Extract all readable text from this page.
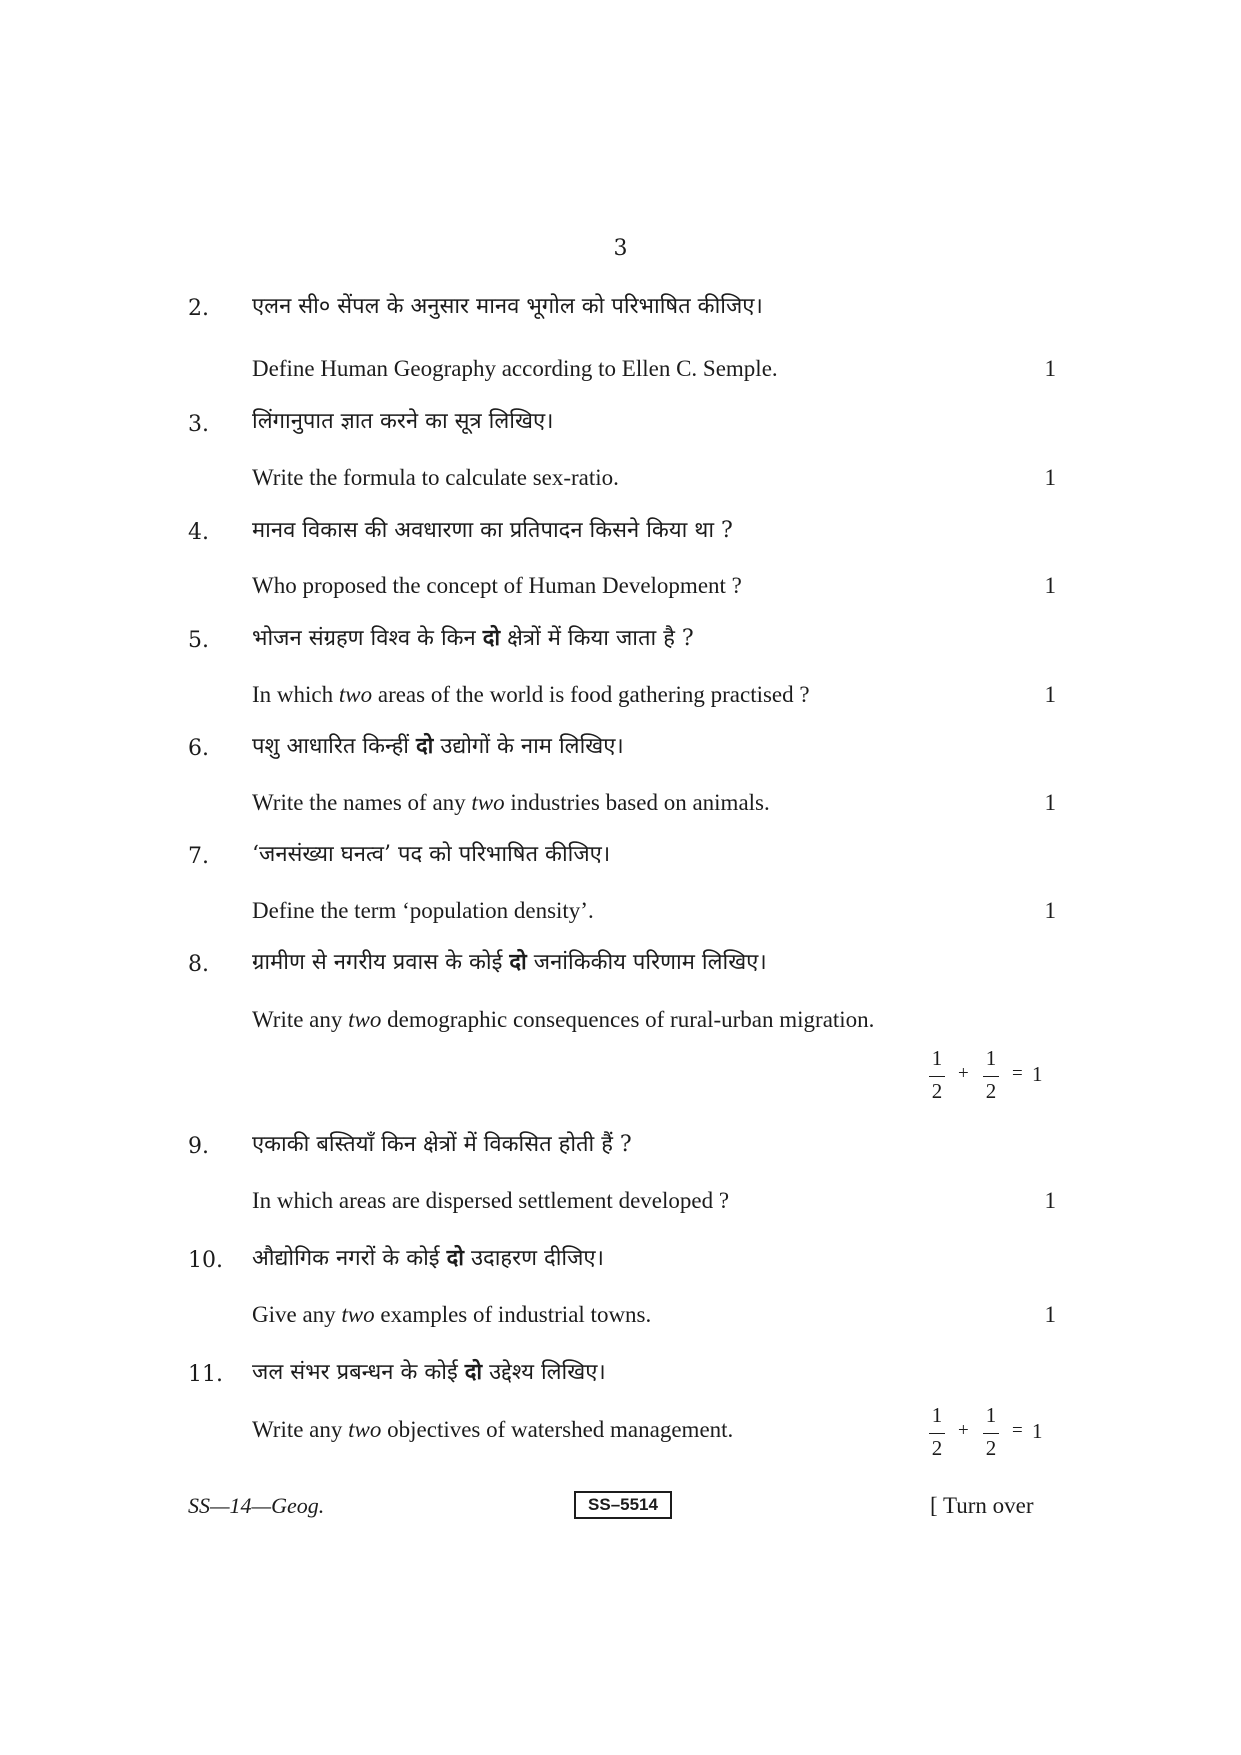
3
2. एलन सी० सेंपल के अनुसार मानव भूगोल को परिभाषित कीजिए।
Define Human Geography according to Ellen C. Semple.	1
3. लिंगानुपात ज्ञात करने का सूत्र लिखिए।
Write the formula to calculate sex-ratio.	1
4. मानव विकास की अवधारणा का प्रतिपादन किसने किया था ?
Who proposed the concept of Human Development ?	1
5. भोजन संग्रहण विश्व के किन दो क्षेत्रों में किया जाता है ?
In which two areas of the world is food gathering practised ?	1
6. पशु आधारित किन्हीं दो उद्योगों के नाम लिखिए।
Write the names of any two industries based on animals.	1
7. ‘जनसंख्या घनत्व’ पद को परिभाषित कीजिए।
Define the term ‘population density’.	1
8. ग्रामीण से नगरीय प्रवास के कोई दो जनांकिकीय परिणाम लिखिए।
Write any two demographic consequences of rural-urban migration.
1
2
+
1
2
= 1
9. एकाकी बस्तियाँ किन क्षेत्रों में विकसित होती हैं ?
In which areas are dispersed settlement developed ?	1
10. औद्योगिक नगरों के कोई दो उदाहरण दीजिए।
Give any two examples of industrial towns.	1
11. जल संभर प्रबन्धन के कोई दो उद्देश्य लिखिए।
Write any two objectives of watershed management.
1
2
+
1
2
= 1
SS—14—Geog.	SS–5514	[ Turn over
